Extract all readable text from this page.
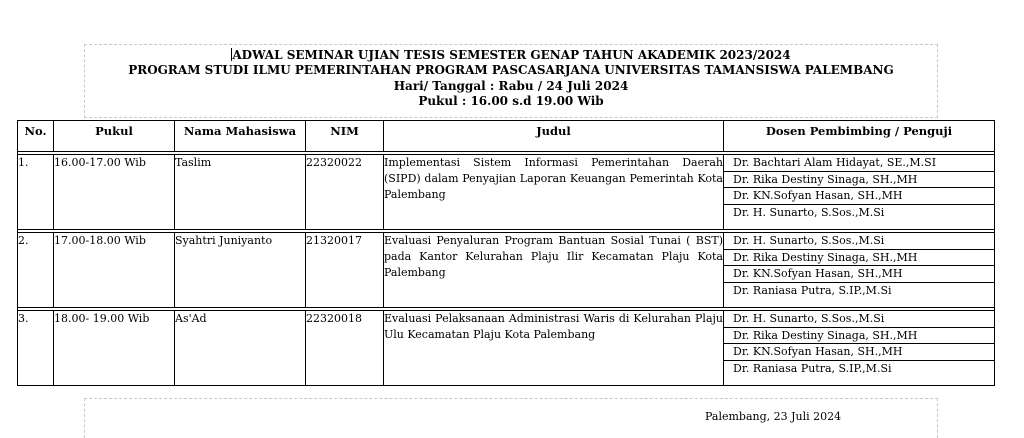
ADWAL SEMINAR UJIAN TESIS SEMESTER GENAP TAHUN AKADEMIK 2023/2024
PROGRAM STUDI ILMU PEMERINTAHAN PROGRAM PASCASARJANA UNIVERSITAS TAMANSISWA PALEMBANG
Hari/ Tanggal : Rabu / 24 Juli 2024
Pukul : 16.00 s.d 19.00 Wib
No.	Pukul	Nama Mahasiswa	NIM	Judul	Dosen Pembimbing / Penguji

1.	16.00-17.00 Wib	Taslim	22320022	Implementasi Sistem Informasi Pemerintahan Daerah (SIPD) dalam Penyajian Laporan Keuangan Pemerintah Kota Palembang	Dr. Bachtari Alam Hidayat, SE.,M.SI
Dr. Rika Destiny Sinaga, SH.,MH
Dr. KN.Sofyan Hasan, SH.,MH
Dr. H. Sunarto, S.Sos.,M.Si

2.	17.00-18.00 Wib	Syahtri Juniyanto	21320017	Evaluasi Penyaluran Program Bantuan Sosial Tunai ( BST) pada Kantor Kelurahan Plaju Ilir Kecamatan Plaju Kota Palembang	Dr. H. Sunarto, S.Sos.,M.Si
Dr. Rika Destiny Sinaga, SH.,MH
Dr. KN.Sofyan Hasan, SH.,MH
Dr. Raniasa Putra, S.IP.,M.Si

3.	18.00- 19.00 Wib	As'Ad	22320018	Evaluasi Pelaksanaan Administrasi Waris di Kelurahan Plaju Ulu Kecamatan Plaju Kota Palembang	Dr. H. Sunarto, S.Sos.,M.Si
Dr. Rika Destiny Sinaga, SH.,MH
Dr. KN.Sofyan Hasan, SH.,MH
Dr. Raniasa Putra, S.IP.,M.Si
Palembang, 23 Juli 2024
